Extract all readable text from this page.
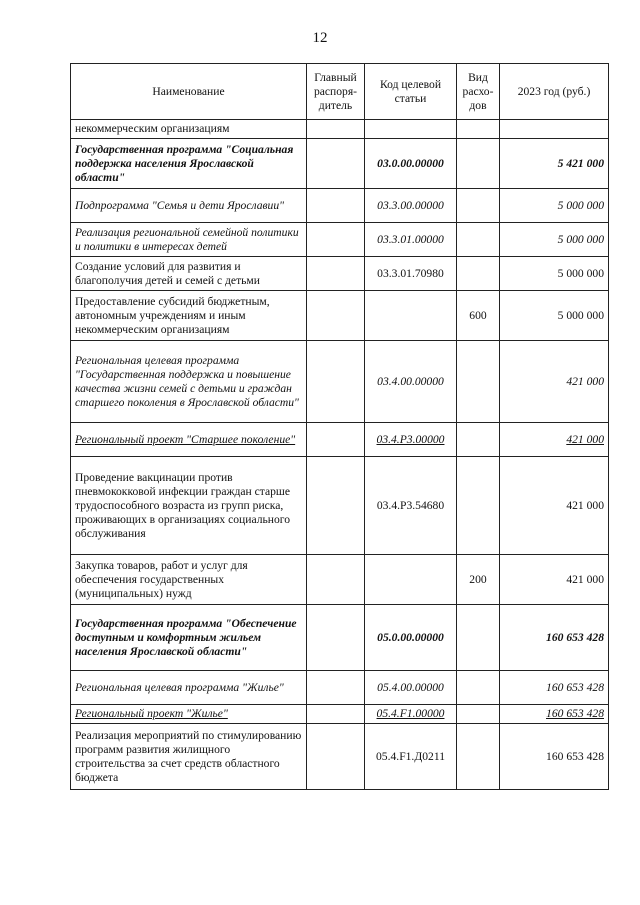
12
Наименование	Главный распоря-дитель	Код целевой статьи	Вид расхо-дов	2023 год (руб.)
некоммерческим организациям				
Государственная программа "Социальная поддержка населения Ярославской области"		03.0.00.00000		5 421 000
Подпрограмма "Семья и дети Ярославии"		03.3.00.00000		5 000 000
Реализация региональной семейной политики и политики в интересах детей		03.3.01.00000		5 000 000
Создание условий для развития и благополучия детей и семей с детьми		03.3.01.70980		5 000 000
Предоставление субсидий бюджетным, автономным учреждениям и иным некоммерческим организациям			600	5 000 000
Региональная целевая программа "Государственная поддержка и повышение качества жизни семей с детьми и граждан старшего поколения в Ярославской области"		03.4.00.00000		421 000
Региональный проект "Старшее поколение"		03.4.P3.00000		421 000
Проведение вакцинации против пневмококковой инфекции граждан старше трудоспособного возраста из групп риска, проживающих в организациях социального обслуживания		03.4.P3.54680		421 000
Закупка товаров, работ и услуг для обеспечения государственных (муниципальных) нужд			200	421 000
Государственная программа "Обеспечение доступным и комфортным жильем населения Ярославской области"		05.0.00.00000		160 653 428
Региональная целевая программа "Жилье"		05.4.00.00000		160 653 428
Региональный проект "Жилье"		05.4.F1.00000		160 653 428
Реализация мероприятий по стимулированию программ развития жилищного строительства за счет средств областного бюджета		05.4.F1.Д0211		160 653 428
